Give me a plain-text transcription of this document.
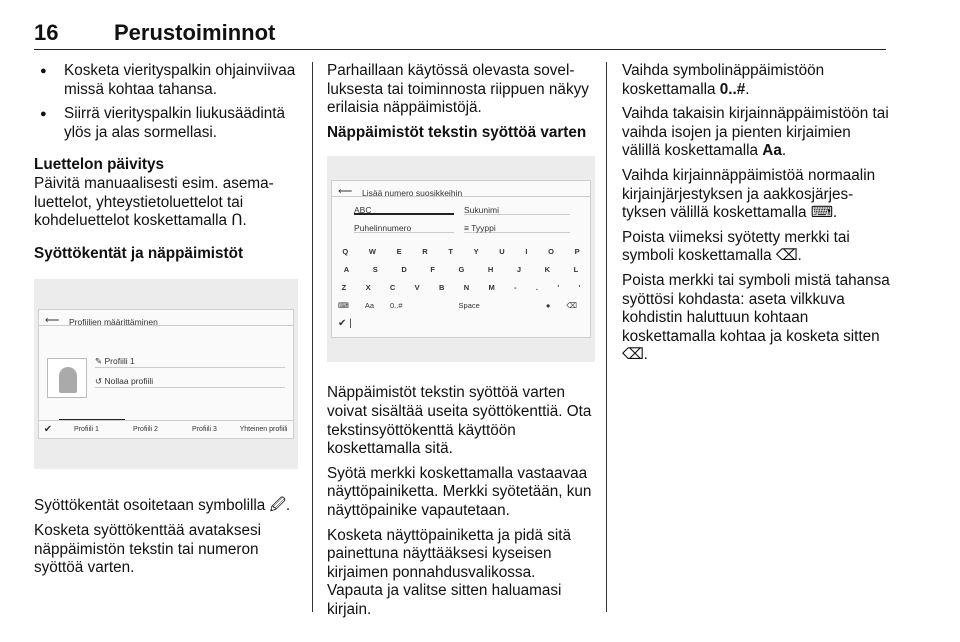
16	Perustoiminnot
● Kosketa vierityspalkin ohjainviivaa missä kohtaa tahansa.
● Siirrä vierityspalkin liukusäädintä ylös ja alas sormellasi.

Luettelon päivitys

Päivitä manuaalisesti esim. asemaluettelot, yhteystietoluettelot tai kohdeluettelot koskettamalla Ո.

Syöttökentät ja näppäimistöt

⟵ Profiilien määrittäminen
✎ Profiili 1
↺ Nollaa profiili
✔	Profiili 1	Profiili 2	Profiili 3	Yhteinen profiili

Syöttökentät osoitetaan symbolilla 🖉.

Kosketa syöttökenttää avataksesi näppäimistön tekstin tai numeron syöttöä varten.

Parhaillaan käytössä olevasta sovelluksesta tai toiminnosta riippuen näkyy erilaisia näppäimistöjä.

Näppäimistöt tekstin syöttöä varten

⟵ Lisää numero suosikkeihin
ABC	Sukunimi
Puhelinnumero	≡ Tyyppi
Q	W	E	R	T	Y	U	I	O	P
A	S	D	F	G	H	J	K	L
Z	X	C	V	B	N	M	-	.	'	'
⌨ Aa 0..#	Space	● ⌫
✔ |

Näppäimistöt tekstin syöttöä varten voivat sisältää useita syöttökenttiä. Ota tekstinsyöttökenttä käyttöön koskettamalla sitä.

Syötä merkki koskettamalla vastaavaa näyttöpainiketta. Merkki syötetään, kun näyttöpainike vapautetaan.

Kosketa näyttöpainiketta ja pidä sitä painettuna näyttääksesi kyseisen kirjaimen ponnahdusvalikossa. Vapauta ja valitse sitten haluamasi kirjain.

Vaihda symbolinäppäimistöön koskettamalla 0..#.

Vaihda takaisin kirjainnäppäimistöön tai vaihda isojen ja pienten kirjaimien välillä koskettamalla Aa.

Vaihda kirjainnäppäimistöä normaalin kirjainjärjestyksen ja aakkosjärjestyksen välillä koskettamalla ⌨.

Poista viimeksi syötetty merkki tai symboli koskettamalla ⌫.

Poista merkki tai symboli mistä tahansa syöttösi kohdasta: aseta vilkkuva kohdistin haluttuun kohtaan koskettamalla kohtaa ja kosketa sitten ⌫.
